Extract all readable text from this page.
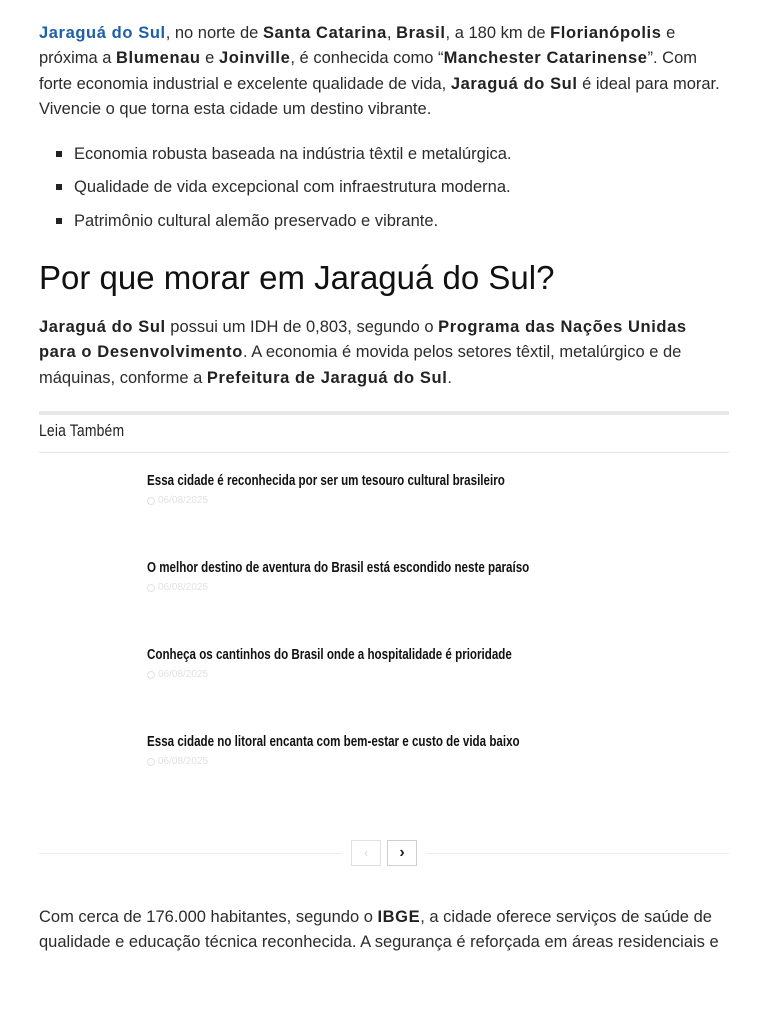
Jaraguá do Sul, no norte de Santa Catarina, Brasil, a 180 km de Florianópolis e próxima a Blumenau e Joinville, é conhecida como “Manchester Catarinense”. Com forte economia industrial e excelente qualidade de vida, Jaraguá do Sul é ideal para morar. Vivencie o que torna esta cidade um destino vibrante.

Economia robusta baseada na indústria têxtil e metalúrgica.
Qualidade de vida excepcional com infraestrutura moderna.
Patrimônio cultural alemão preservado e vibrante.
Por que morar em Jaraguá do Sul?

Jaraguá do Sul possui um IDH de 0,803, segundo o Programa das Nações Unidas para o Desenvolvimento. A economia é movida pelos setores têxtil, metalúrgico e de máquinas, conforme a Prefeitura de Jaraguá do Sul.

Leia Também
Essa cidade é reconhecida por ser um tesouro cultural brasileiro
06/08/2025
O melhor destino de aventura do Brasil está escondido neste paraíso
06/08/2025
Conheça os cantinhos do Brasil onde a hospitalidade é prioridade
06/08/2025
Essa cidade no litoral encanta com bem-estar e custo de vida baixo
06/08/2025
‹ ›

Com cerca de 176.000 habitantes, segundo o IBGE, a cidade oferece serviços de saúde de qualidade e educação técnica reconhecida. A segurança é reforçada em áreas residenciais e
